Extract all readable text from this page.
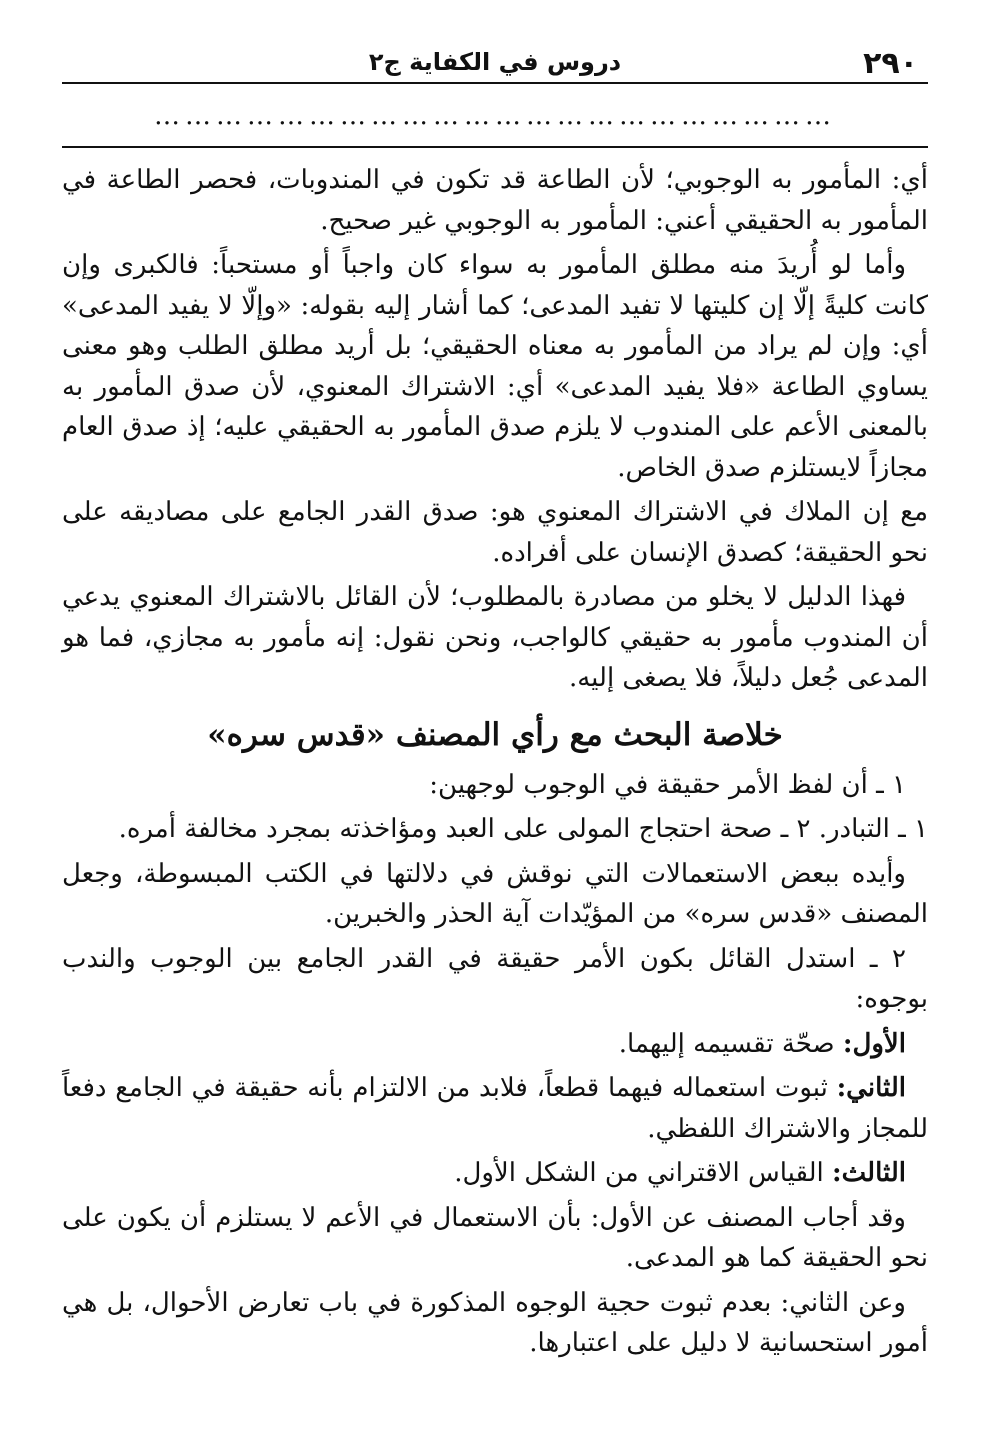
٢٩٠
دروس في الكفاية ج٢
…………………………………………………………

أي: المأمور به الوجوبي؛ لأن الطاعة قد تكون في المندوبات، فحصر الطاعة في المأمور به الحقيقي أعني: المأمور به الوجوبي غير صحيح.

وأما لو أُريدَ منه مطلق المأمور به سواء كان واجباً أو مستحباً: فالكبرى وإن كانت كليةً إلّا إن كليتها لا تفيد المدعى؛ كما أشار إليه بقوله: «وإلّا لا يفيد المدعى» أي: وإن لم يراد من المأمور به معناه الحقيقي؛ بل أريد مطلق الطلب وهو معنى يساوي الطاعة «فلا يفيد المدعى» أي: الاشتراك المعنوي، لأن صدق المأمور به بالمعنى الأعم على المندوب لا يلزم صدق المأمور به الحقيقي عليه؛ إذ صدق العام مجازاً لايستلزم صدق الخاص.

مع إن الملاك في الاشتراك المعنوي هو: صدق القدر الجامع على مصاديقه على نحو الحقيقة؛ كصدق الإنسان على أفراده.

فهذا الدليل لا يخلو من مصادرة بالمطلوب؛ لأن القائل بالاشتراك المعنوي يدعي أن المندوب مأمور به حقيقي كالواجب، ونحن نقول: إنه مأمور به مجازي، فما هو المدعى جُعل دليلاً، فلا يصغى إليه.

خلاصة البحث مع رأي المصنف «قدس سره»

١ ـ أن لفظ الأمر حقيقة في الوجوب لوجهين:

١ ـ التبادر. ٢ ـ صحة احتجاج المولى على العبد ومؤاخذته بمجرد مخالفة أمره.

وأيده ببعض الاستعمالات التي نوقش في دلالتها في الكتب المبسوطة، وجعل المصنف «قدس سره» من المؤيّدات آية الحذر والخبرين.

٢ ـ استدل القائل بكون الأمر حقيقة في القدر الجامع بين الوجوب والندب بوجوه:

الأول: صحّة تقسيمه إليهما.

الثاني: ثبوت استعماله فيهما قطعاً، فلابد من الالتزام بأنه حقيقة في الجامع دفعاً للمجاز والاشتراك اللفظي.

الثالث: القياس الاقتراني من الشكل الأول.

وقد أجاب المصنف عن الأول: بأن الاستعمال في الأعم لا يستلزم أن يكون على نحو الحقيقة كما هو المدعى.

وعن الثاني: بعدم ثبوت حجية الوجوه المذكورة في باب تعارض الأحوال، بل هي أمور استحسانية لا دليل على اعتبارها.
